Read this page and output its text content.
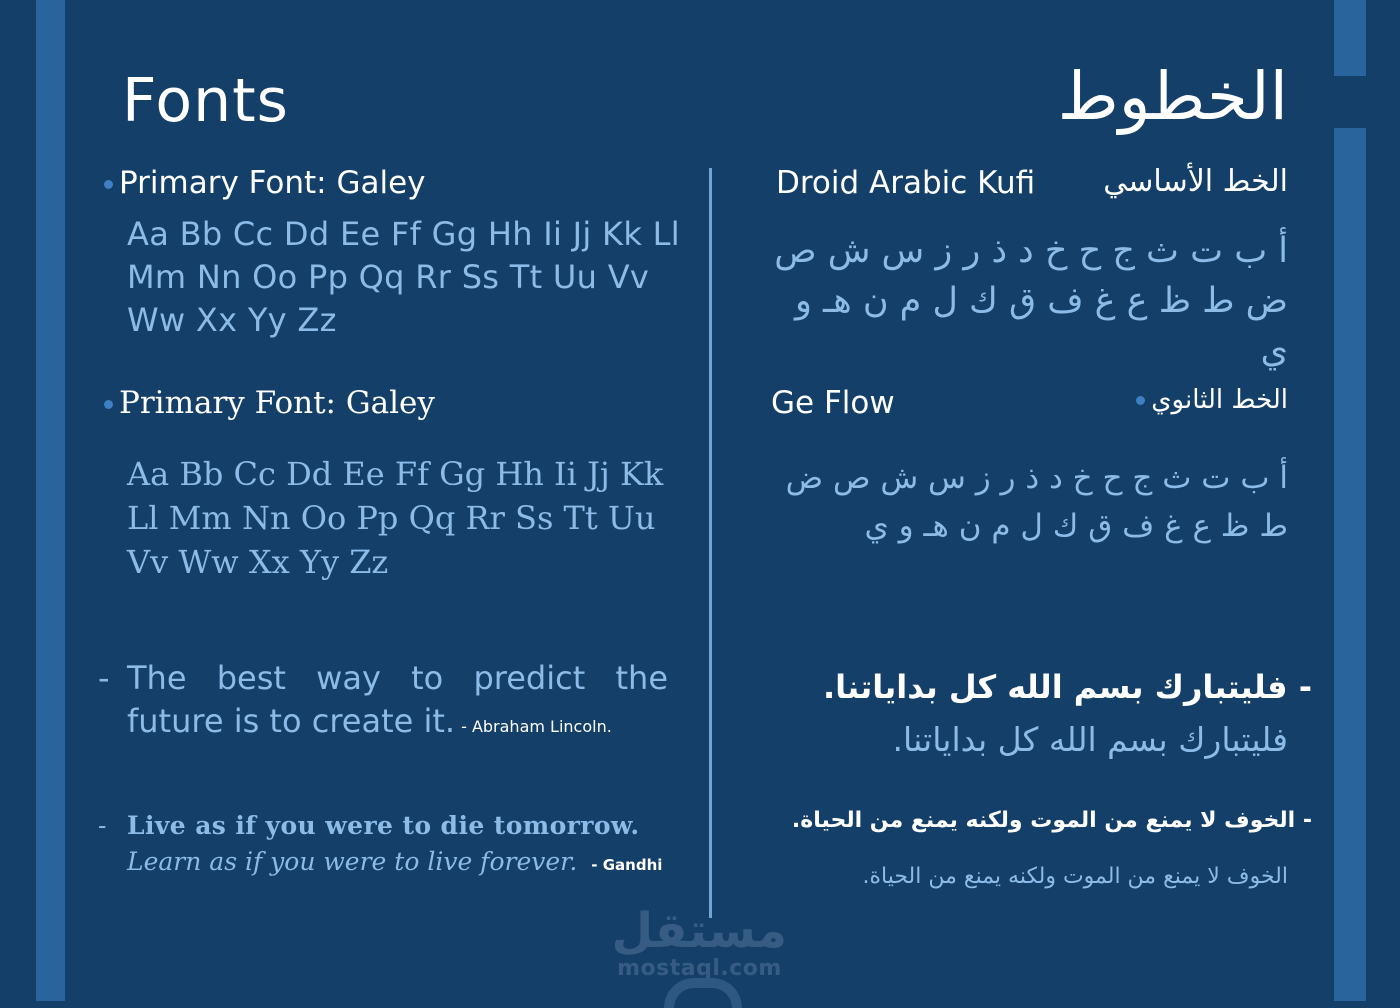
Fonts	الخطوط
Primary Font: Galey
Aa Bb Cc Dd Ee Ff Gg Hh Ii Jj Kk Ll Mm Nn Oo Pp Qq Rr Ss Tt Uu Vv Ww Xx Yy Zz
Primary Font: Galey
Aa Bb Cc Dd Ee Ff Gg Hh Ii Jj Kk Ll Mm Nn Oo Pp Qq Rr Ss Tt Uu Vv Ww Xx Yy Zz
- The best way to predict the future is to create it. - Abraham Lincoln.
- Live as if you were to die tomorrow.
Learn as if you were to live forever. - Gandhi
Droid Arabic Kufi الخط الأساسي
أ ب ت ث ج ح خ د ذ ر ز س ش ص ض ط ظ ع غ ف ق ك ل م ن هـ و ي
Ge Flow	الخط الثانوي
أ ب ت ث ج ح خ د ذ ر ز س ش ص ض ط ظ ع غ ف ق ك ل م ن هـ و ي
- فليتبارك بسم الله كل بداياتنا.
فليتبارك بسم الله كل بداياتنا.
- الخوف لا يمنع من الموت ولكنه يمنع من الحياة.
الخوف لا يمنع من الموت ولكنه يمنع من الحياة.
مستقل
mostaql.com
